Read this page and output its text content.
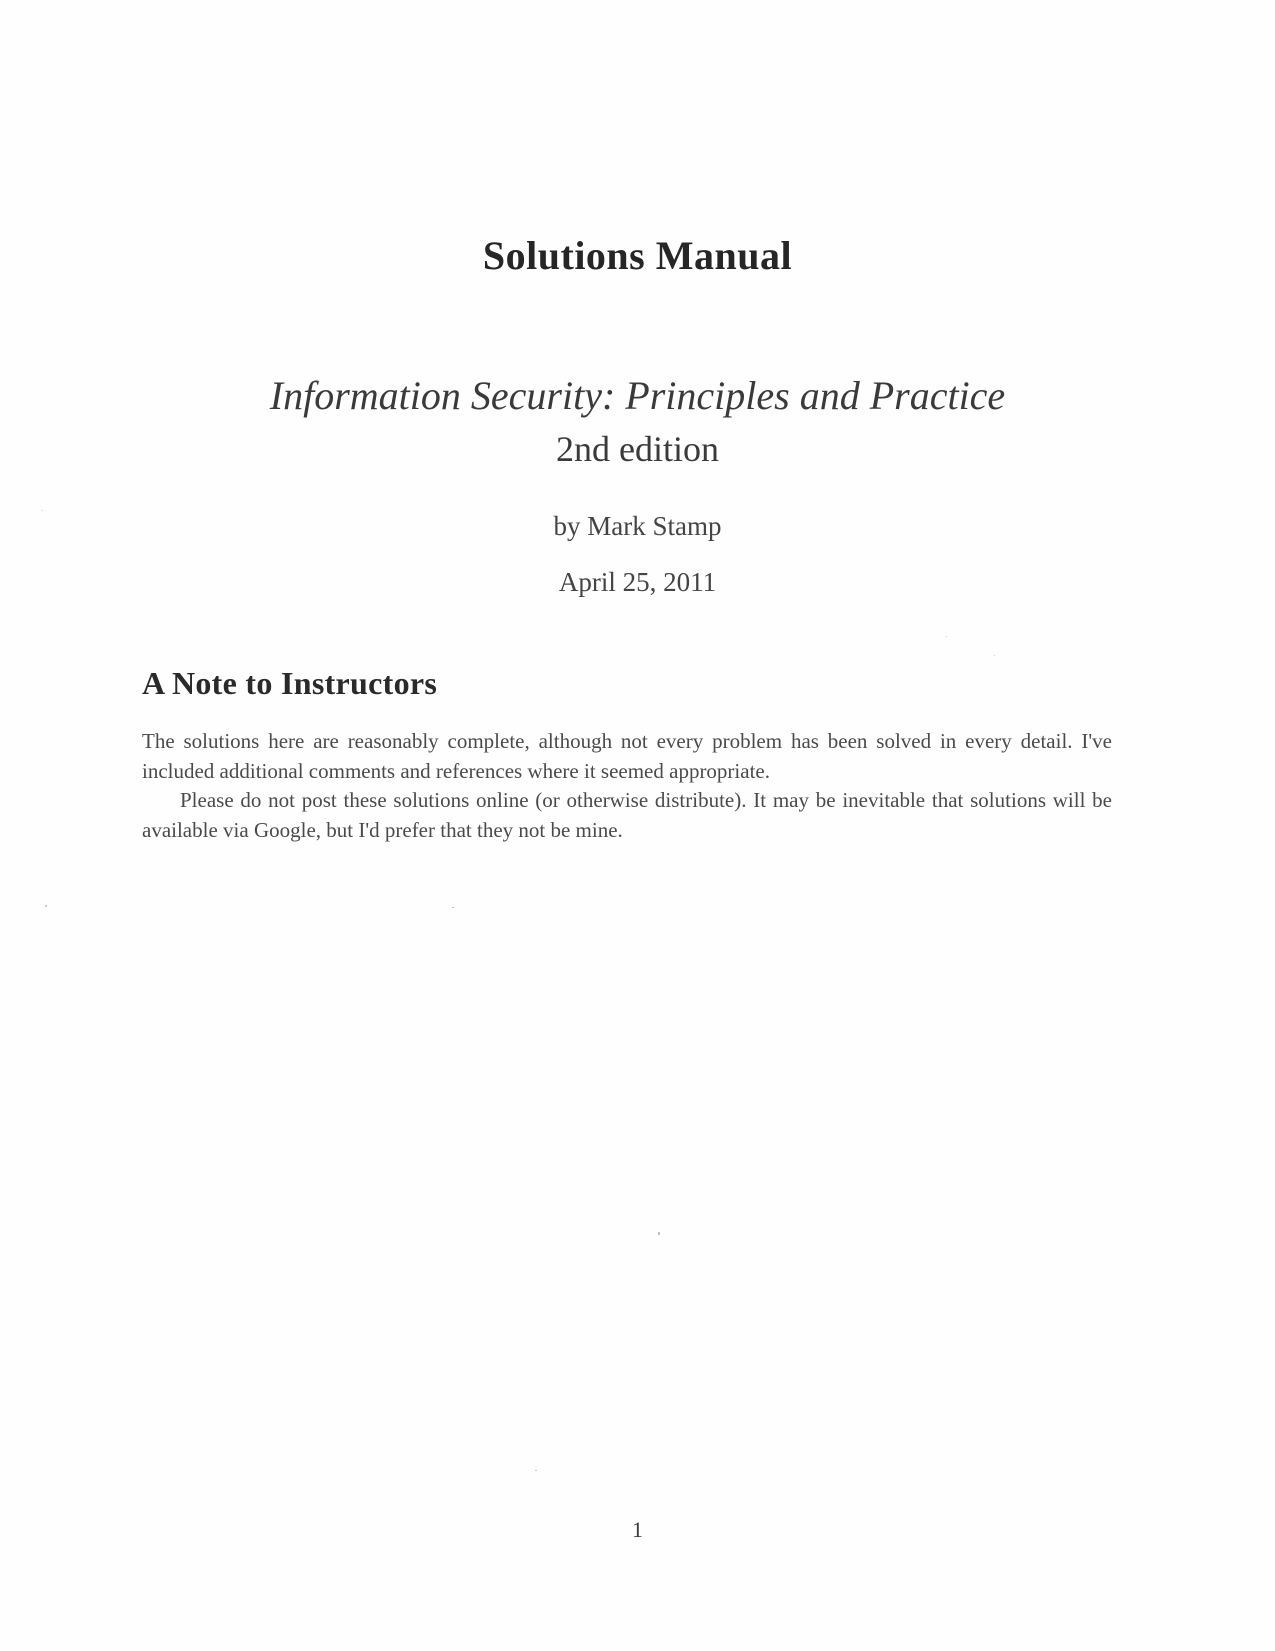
Solutions Manual
Information Security: Principles and Practice
2nd edition
by Mark Stamp
April 25, 2011
A Note to Instructors

The solutions here are reasonably complete, although not every problem has been solved in every detail. I've included additional comments and references where it seemed appropriate.

Please do not post these solutions online (or otherwise distribute). It may be inevitable that solutions will be available via Google, but I'd prefer that they not be mine.

1
